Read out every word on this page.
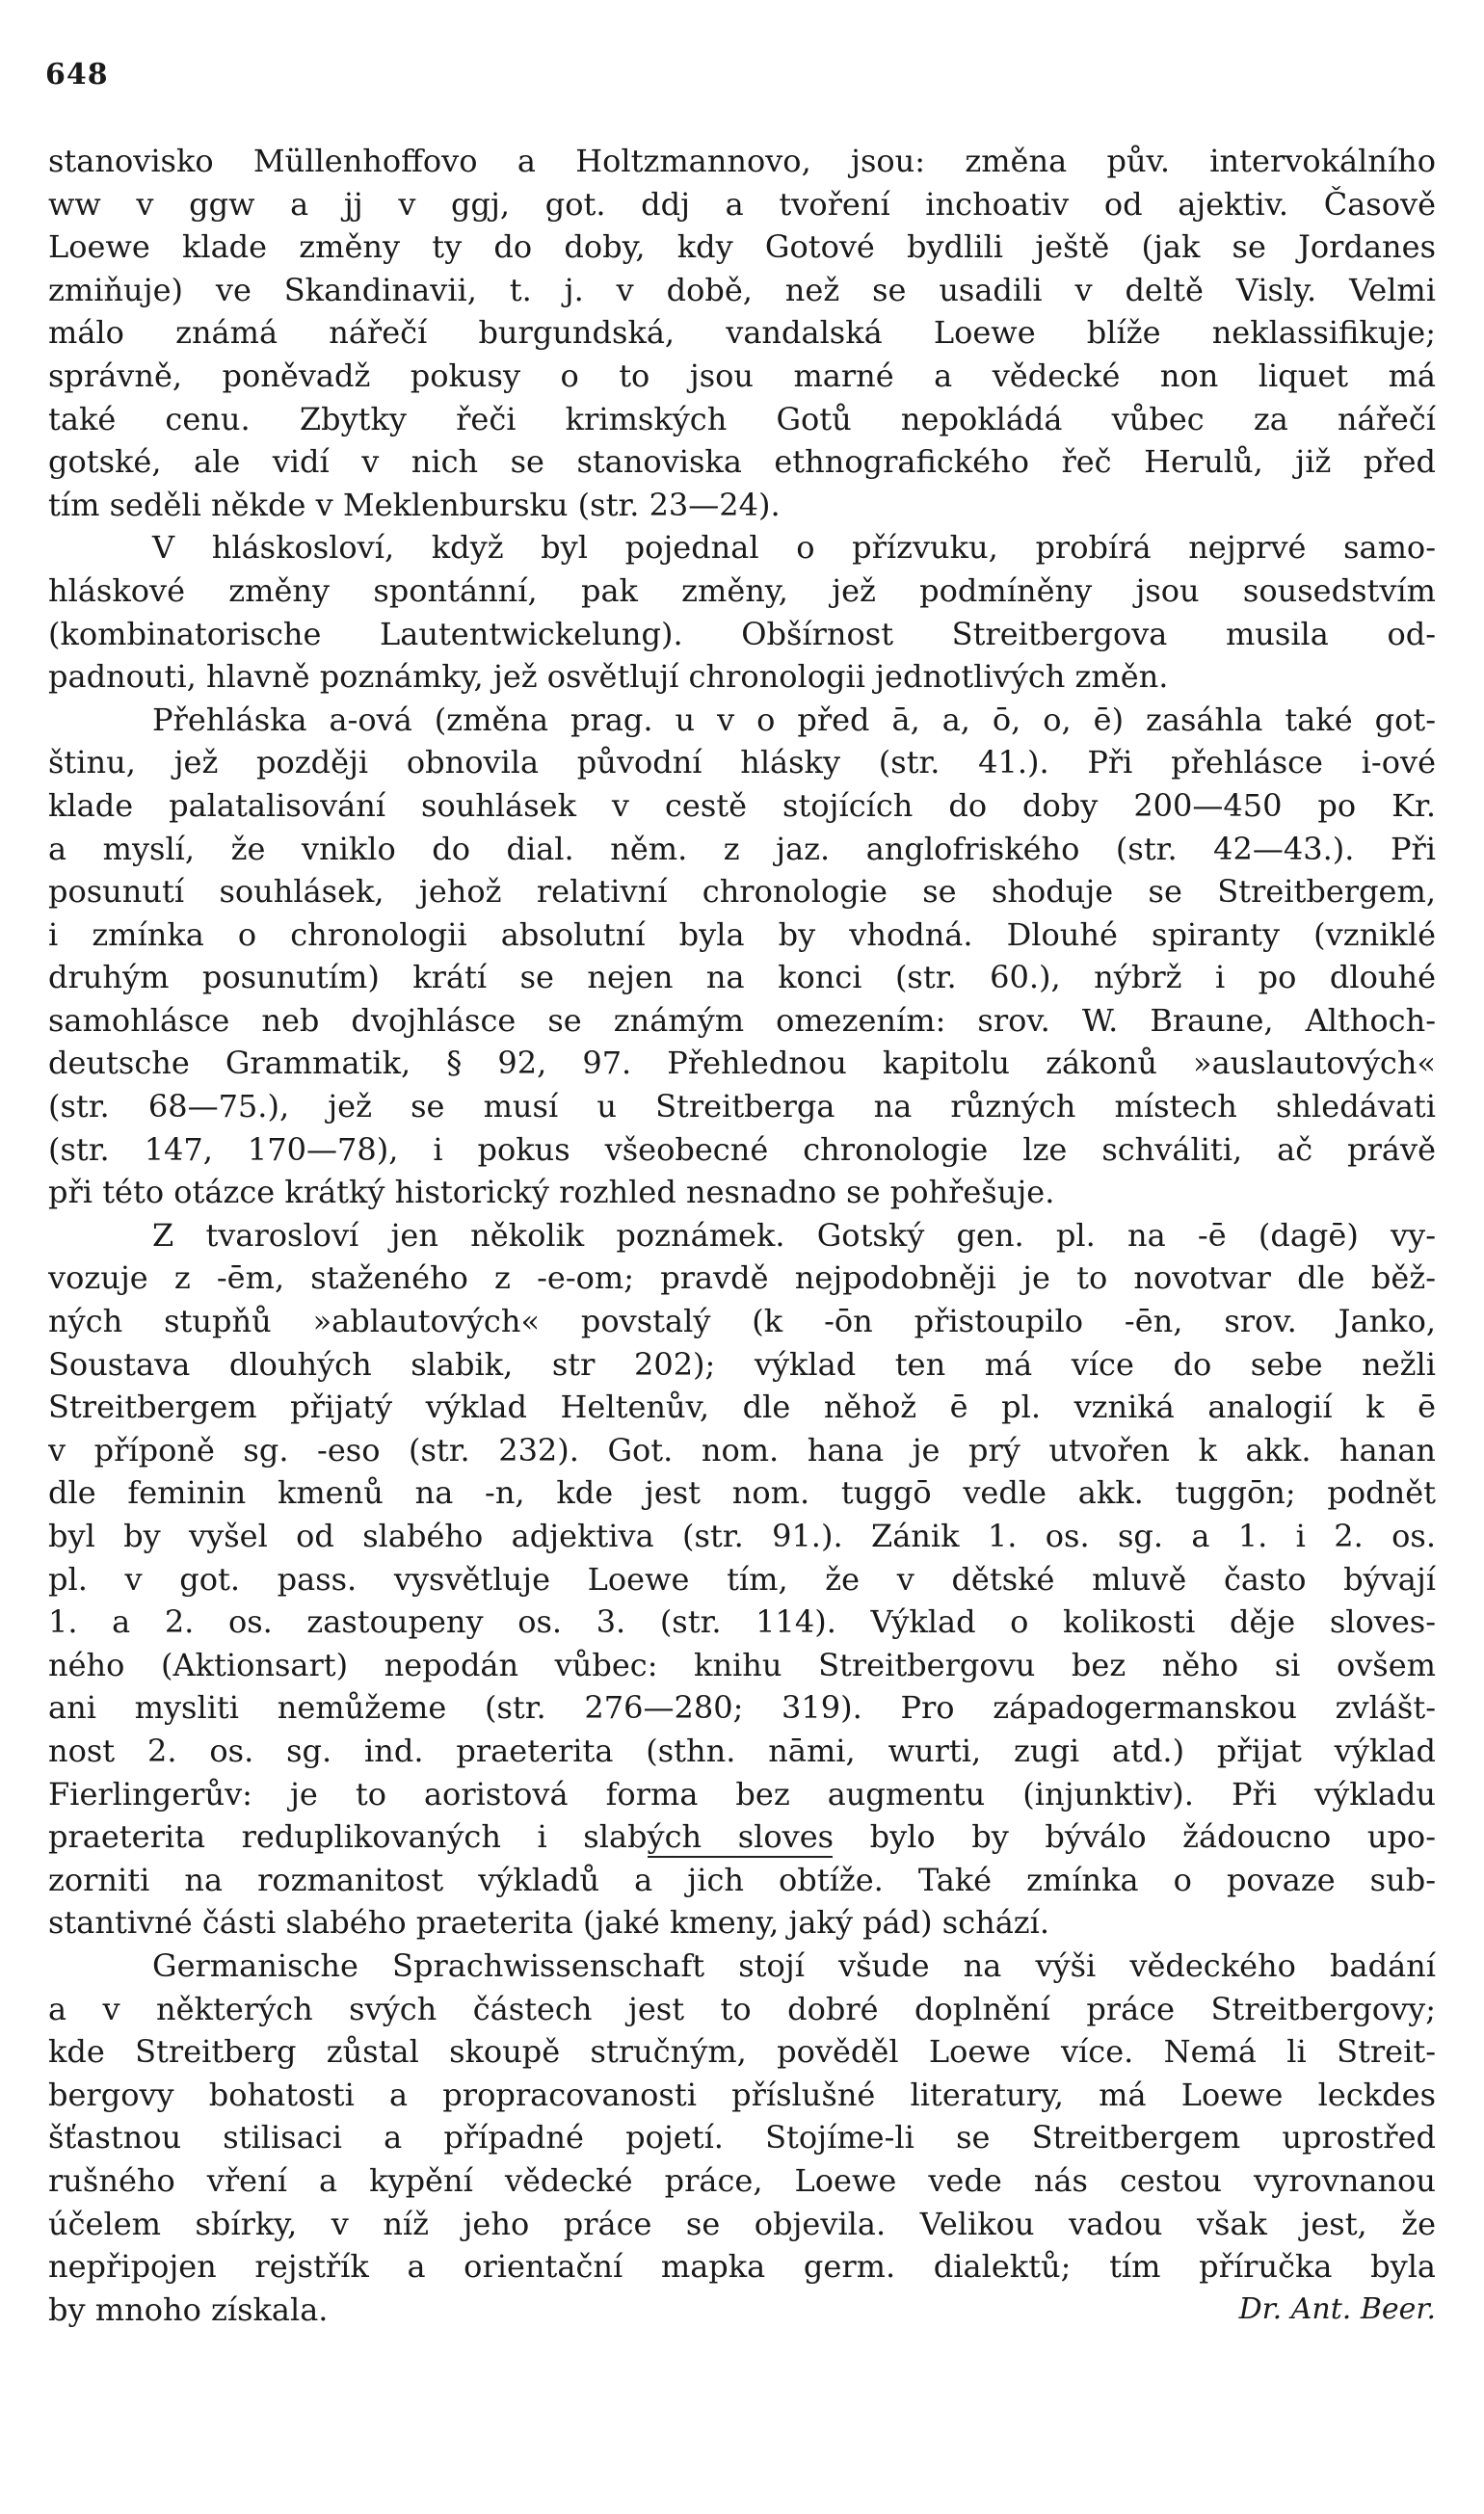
648
stanovisko Müllenhoffovo a Holtzmannovo, jsou: změna pův. intervokálního
ww v ggw a jj v ggj, got. ddj a tvoření inchoativ od ajektiv. Časově
Loewe klade změny ty do doby, kdy Gotové bydlili ještě (jak se Jordanes
zmiňuje) ve Skandinavii, t. j. v době, než se usadili v deltě Visly. Velmi
málo známá nářečí burgundská, vandalská Loewe blíže neklassifikuje;
správně, poněvadž pokusy o to jsou marné a vědecké non liquet má
také cenu. Zbytky řeči krimských Gotů nepokládá vůbec za nářečí
gotské, ale vidí v nich se stanoviska ethnografického řeč Herulů, již před
tím seděli někde v Meklenbursku (str. 23—24).
V hláskosloví, když byl pojednal o přízvuku, probírá nejprvé samo-
hláskové změny spontánní, pak změny, jež podmíněny jsou sousedstvím
(kombinatorische Lautentwickelung). Obšírnost Streitbergova musila od-
padnouti, hlavně poznámky, jež osvětlují chronologii jednotlivých změn.
Přehláska a-ová (změna prag. u v o před ā, a, ō, o, ē) zasáhla také got-
štinu, jež později obnovila původní hlásky (str. 41.). Při přehlásce i-ové
klade palatalisování souhlásek v cestě stojících do doby 200—450 po Kr.
a myslí, že vniklo do dial. něm. z jaz. anglofriského (str. 42—43.). Při
posunutí souhlásek, jehož relativní chronologie se shoduje se Streitbergem,
i zmínka o chronologii absolutní byla by vhodná. Dlouhé spiranty (vzniklé
druhým posunutím) krátí se nejen na konci (str. 60.), nýbrž i po dlouhé
samohlásce neb dvojhlásce se známým omezením: srov. W. Braune, Althoch-
deutsche Grammatik, § 92, 97. Přehlednou kapitolu zákonů »auslautových«
(str. 68—75.), jež se musí u Streitberga na různých místech shledávati
(str. 147, 170—78), i pokus všeobecné chronologie lze schváliti, ač právě
při této otázce krátký historický rozhled nesnadno se pohřešuje.
Z tvarosloví jen několik poznámek. Gotský gen. pl. na -ē (dagē) vy-
vozuje z -ēm, staženého z -e-om; pravdě nejpodobněji je to novotvar dle běž-
ných stupňů »ablautových« povstalý (k -ōn přistoupilo -ēn, srov. Janko,
Soustava dlouhých slabik, str 202); výklad ten má více do sebe nežli
Streitbergem přijatý výklad Heltenův, dle něhož ē pl. vzniká analogií k ē
v příponě sg. -eso (str. 232). Got. nom. hana je prý utvořen k akk. hanan
dle feminin kmenů na -n, kde jest nom. tuggō vedle akk. tuggōn; podnět
byl by vyšel od slabého adjektiva (str. 91.). Zánik 1. os. sg. a 1. i 2. os.
pl. v got. pass. vysvětluje Loewe tím, že v dětské mluvě často bývají
1. a 2. os. zastoupeny os. 3. (str. 114). Výklad o kolikosti děje sloves-
ného (Aktionsart) nepodán vůbec: knihu Streitbergovu bez něho si ovšem
ani mysliti nemůžeme (str. 276—280; 319). Pro západogermanskou zvlášt-
nost 2. os. sg. ind. praeterita (sthn. nāmi, wurti, zugi atd.) přijat výklad
Fierlingerův: je to aoristová forma bez augmentu (injunktiv). Při výkladu
praeterita reduplikovaných i slabých sloves bylo by býválo žádoucno upo-
zorniti na rozmanitost výkladů a jich obtíže. Také zmínka o povaze sub-
stantivné části slabého praeterita (jaké kmeny, jaký pád) schází.
Germanische Sprachwissenschaft stojí všude na výši vědeckého badání
a v některých svých částech jest to dobré doplnění práce Streitbergovy;
kde Streitberg zůstal skoupě stručným, pověděl Loewe více. Nemá li Streit-
bergovy bohatosti a propracovanosti příslušné literatury, má Loewe leckdes
šťastnou stilisaci a případné pojetí. Stojíme-li se Streitbergem uprostřed
rušného vření a kypění vědecké práce, Loewe vede nás cestou vyrovnanou
účelem sbírky, v níž jeho práce se objevila. Velikou vadou však jest, že
nepřipojen rejstřík a orientační mapka germ. dialektů; tím příručka byla
by mnoho získala.	Dr. Ant. Beer.
